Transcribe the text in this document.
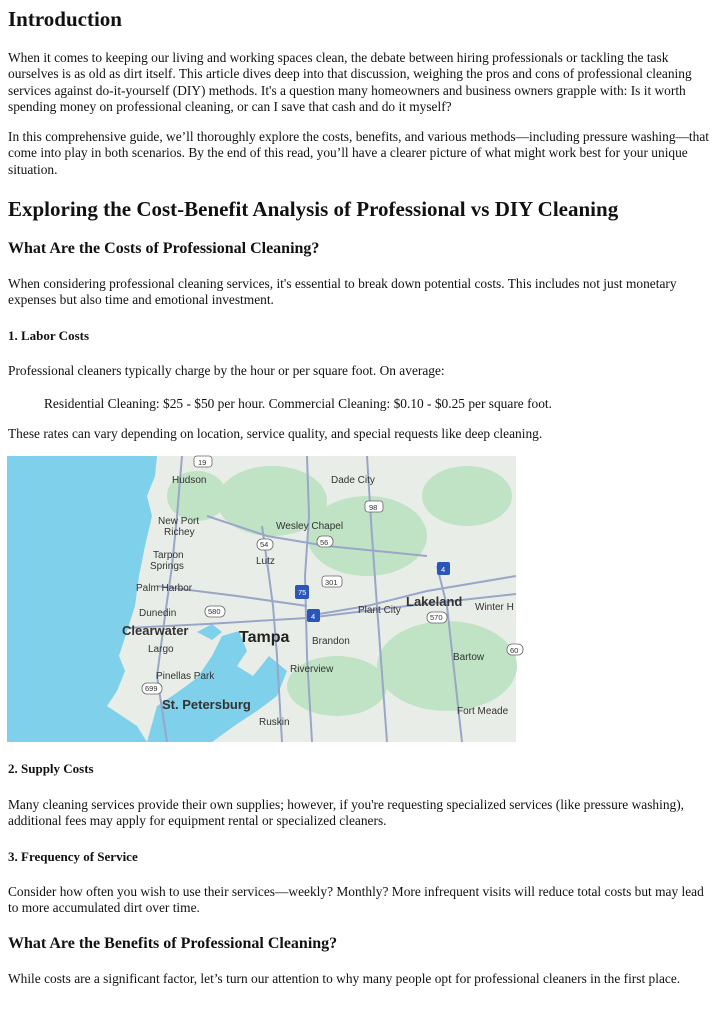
Introduction

When it comes to keeping our living and working spaces clean, the debate between hiring professionals or tackling the task ourselves is as old as dirt itself. This article dives deep into that discussion, weighing the pros and cons of professional cleaning services against do-it-yourself (DIY) methods. It's a question many homeowners and business owners grapple with: Is it worth spending money on professional cleaning, or can I save that cash and do it myself?

In this comprehensive guide, we’ll thoroughly explore the costs, benefits, and various methods—including pressure washing—that come into play in both scenarios. By the end of this read, you’ll have a clearer picture of what might work best for your unique situation.

Exploring the Cost-Benefit Analysis of Professional vs DIY Cleaning
What Are the Costs of Professional Cleaning?

When considering professional cleaning services, it's essential to break down potential costs. This includes not just monetary expenses but also time and emotional investment.

1. Labor Costs

Professional cleaners typically charge by the hour or per square foot. On average:

Residential Cleaning: $25 - $50 per hour. Commercial Cleaning: $0.10 - $0.25 per square foot.

These rates can vary depending on location, service quality, and special requests like deep cleaning.

Hudson	Dade City
New Port
Richey
Wesley Chapel
Tarpon
Springs	Lutz
Palm Harbor
Dunedin
Clearwater
Largo
Tampa Brandon
Plant City
Lakeland Winter H
Riverview
Bartow
Pinellas Park
St. Petersburg	Fort Meade
Ruskin
19
98
54	56
301
75
4
4
580
570
699
60
2. Supply Costs

Many cleaning services provide their own supplies; however, if you're requesting specialized services (like pressure washing), additional fees may apply for equipment rental or specialized cleaners.

3. Frequency of Service

Consider how often you wish to use their services—weekly? Monthly? More infrequent visits will reduce total costs but may lead to more accumulated dirt over time.

What Are the Benefits of Professional Cleaning?

While costs are a significant factor, let’s turn our attention to why many people opt for professional cleaners in the first place.
